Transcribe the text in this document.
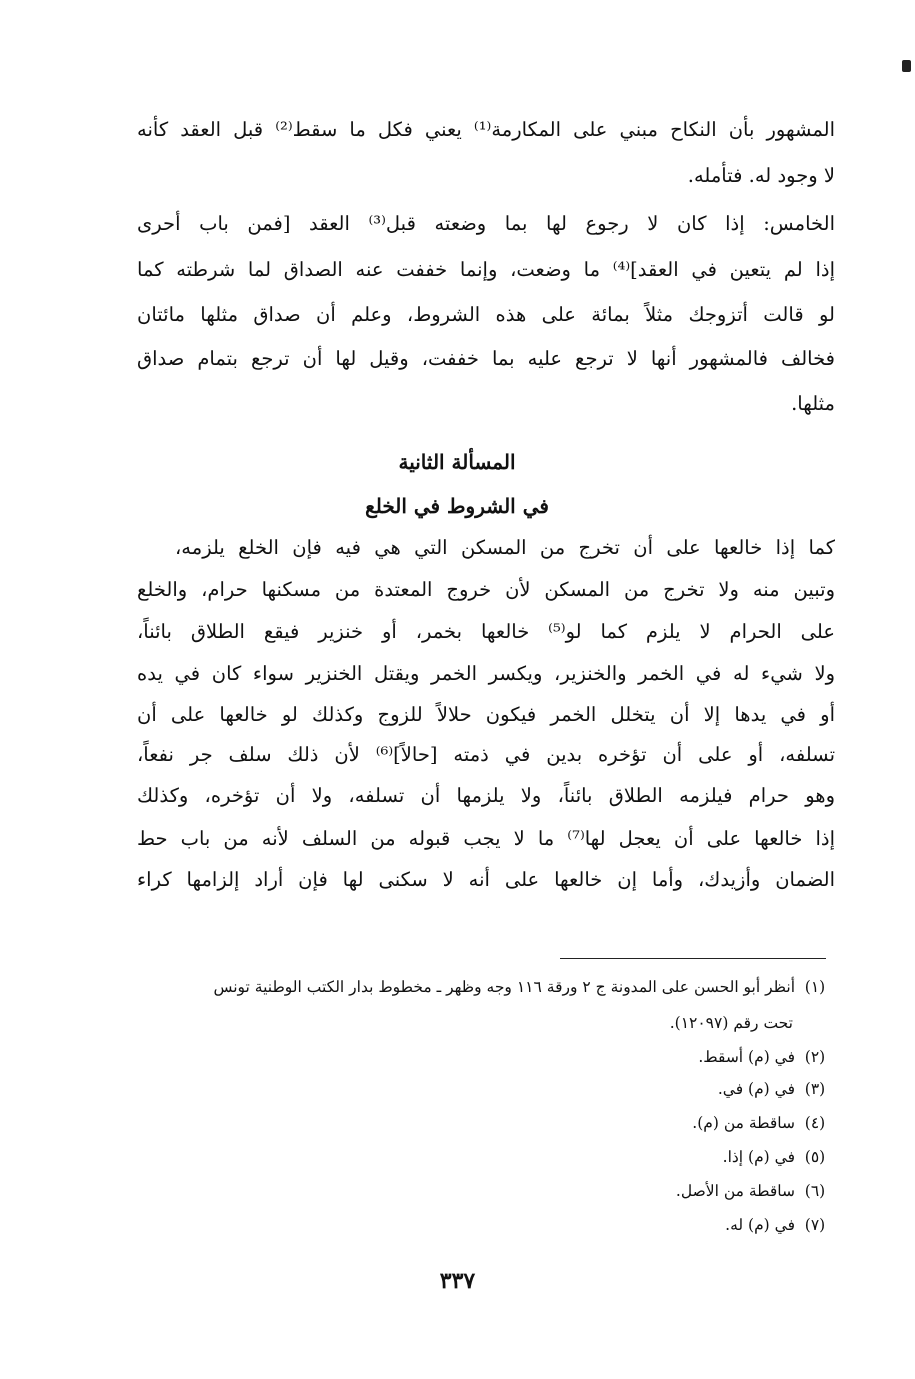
المشهور بأن النكاح مبني على المكارمة⁽¹⁾ يعني فكل ما سقط⁽²⁾ قبل العقد كأنه
لا وجود له. فتأمله.
الخامس: إذا كان لا رجوع لها بما وضعته قبل⁽³⁾ العقد [فمن باب أحرى
إذا لم يتعين في العقد]⁽⁴⁾ ما وضعت، وإنما خففت عنه الصداق لما شرطته كما
لو قالت أتزوجك مثلاً بمائة على هذه الشروط، وعلم أن صداق مثلها مائتان
فخالف فالمشهور أنها لا ترجع عليه بما خففت، وقيل لها أن ترجع بتمام صداق
مثلها.
المسألة الثانية
في الشروط في الخلع
كما إذا خالعها على أن تخرج من المسكن التي هي فيه فإن الخلع يلزمه،
وتبين منه ولا تخرج من المسكن لأن خروج المعتدة من مسكنها حرام، والخلع
على الحرام لا يلزم كما لو⁽⁵⁾ خالعها بخمر، أو خنزير فيقع الطلاق بائناً،
ولا شيء له في الخمر والخنزير، ويكسر الخمر ويقتل الخنزير سواء كان في يده
أو في يدها إلا أن يتخلل الخمر فيكون حلالاً للزوج وكذلك لو خالعها على أن
تسلفه، أو على أن تؤخره بدين في ذمته [حالاً]⁽⁶⁾ لأن ذلك سلف جر نفعاً،
وهو حرام فيلزمه الطلاق بائناً، ولا يلزمها أن تسلفه، ولا أن تؤخره، وكذلك
إذا خالعها على أن يعجل لها⁽⁷⁾ ما لا يجب قبوله من السلف لأنه من باب حط
الضمان وأزيدك، وأما إن خالعها على أنه لا سكنى لها فإن أراد إلزامها كراء
(١)أنظر أبو الحسن على المدونة ج ٢ ورقة ١١٦ وجه وظهر ـ مخطوط بدار الكتب الوطنية تونس
تحت رقم (١٢٠٩٧).
(٢)في (م) أسقط.
(٣)في (م) في.
(٤)ساقطة من (م).
(٥)في (م) إذا.
(٦)ساقطة من الأصل.
(٧)في (م) له.
٣٣٧
